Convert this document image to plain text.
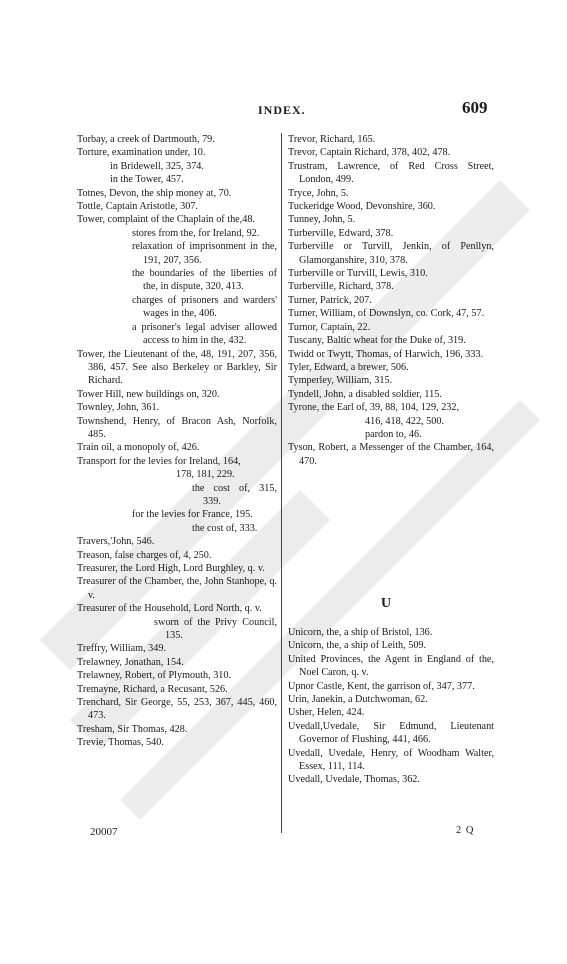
INDEX.	609
Torbay, a creek of Dartmouth, 79.
Torture, examination under, 10.
in Bridewell, 325, 374.
in the Tower, 457.
Totnes, Devon, the ship money at, 70.
Tottle, Captain Aristotle, 307.
Tower, complaint of the Chaplain of the,48.
stores from the, for Ireland, 92.
relaxation of imprisonment in the, 191, 207, 356.
the boundaries of the liberties of the, in dispute, 320, 413.
charges of prisoners and warders' wages in the, 406.
a prisoner's legal adviser allowed access to him in the, 432.
Tower, the Lieutenant of the, 48, 191, 207, 356, 386, 457. See also Berkeley or Barkley, Sir Richard.
Tower Hill, new buildings on, 320.
Townley, John, 361.
Townshend, Henry, of Bracon Ash, Norfolk, 485.
Train oil, a monopoly of, 426.
Transport for the levies for Ireland, 164,
178, 181, 229.
the cost of, 315, 339.
for the levies for France, 195.
the cost of, 333.
Travers,'John, 546.
Treason, false charges of, 4, 250.
Treasurer, the Lord High, Lord Burghley, q. v.
Treasurer of the Chamber, the, John Stanhope, q. v.
Treasurer of the Household, Lord North, q. v.
sworn of the Privy Council, 135.
Treffry, William, 349.
Trelawney, Jonathan, 154.
Trelawney, Robert, of Plymouth, 310.
Tremayne, Richard, a Recusant, 526.
Trenchard, Sir George, 55, 253, 367, 445, 460, 473.
Tresham, Sir Thomas, 428.
Trevie, Thomas, 540.
Trevor, Richard, 165.
Trevor, Captain Richard, 378, 402, 478.
Trustram, Lawrence, of Red Cross Street, London, 499.
Tryce, John, 5.
Tuckeridge Wood, Devonshire, 360.
Tunney, John, 5.
Turberville, Edward, 378.
Turberville or Turvill, Jenkin, of Penllyn, Glamorganshire, 310, 378.
Turberville or Turvill, Lewis, 310.
Turberville, Richard, 378.
Turner, Patrick, 207.
Turner, William, of Downslyn, co. Cork, 47, 57.
Turnor, Captain, 22.
Tuscany, Baltic wheat for the Duke of, 319.
Twidd or Twytt, Thomas, of Harwich, 196, 333.
Tyler, Edward, a brewer, 506.
Tymperley, William, 315.
Tyndell, John, a disabled soldier, 115.
Tyrone, the Earl of, 39, 88, 104, 129, 232,
416, 418, 422, 500.
pardon to, 46.
Tyson, Robert, a Messenger of the Chamber, 164, 470.
U
Unicorn, the, a ship of Bristol, 136.
Unicorn, the, a ship of Leith, 509.
United Provinces, the Agent in England of the, Noel Caron, q. v.
Upnor Castle, Kent, the garrison of, 347, 377.
Urin, Janekin, a Dutchwoman, 62.
Usher, Helen, 424.
Uvedall,Uvedale, Sir Edmund, Lieutenant Governor of Flushing, 441, 466.
Uvedall, Uvedale, Henry, of Woodham Walter, Essex, 111, 114.
Uvedall, Uvedale, Thomas, 362.
20007	2 Q
